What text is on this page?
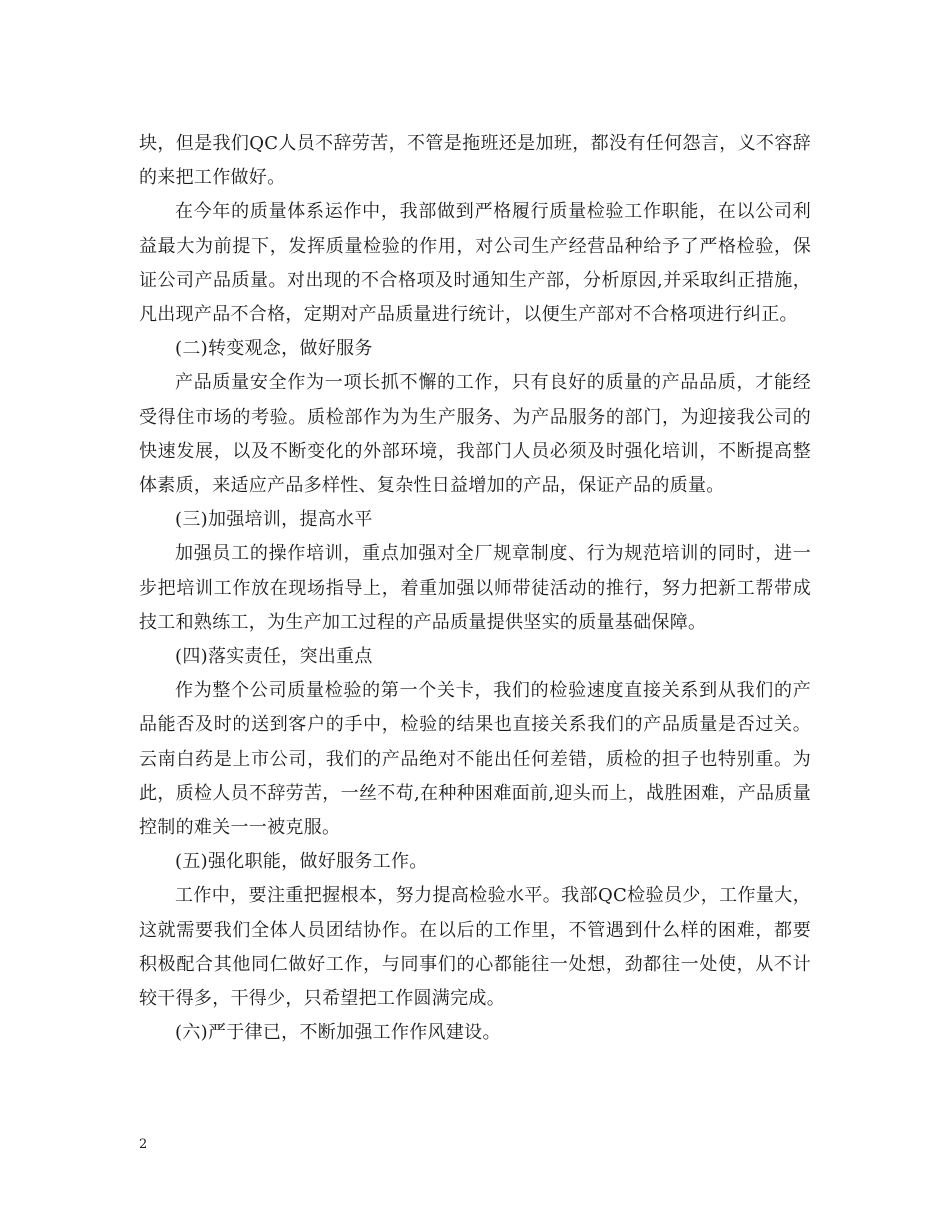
块，但是我们QC人员不辞劳苦，不管是拖班还是加班，都没有任何怨言，义不容辞的来把工作做好。

在今年的质量体系运作中，我部做到严格履行质量检验工作职能，在以公司利益最大为前提下，发挥质量检验的作用，对公司生产经营品种给予了严格检验，保证公司产品质量。对出现的不合格项及时通知生产部，分析原因,并采取纠正措施，凡出现产品不合格，定期对产品质量进行统计，以便生产部对不合格项进行纠正。

(二)转变观念，做好服务

产品质量安全作为一项长抓不懈的工作，只有良好的质量的产品品质，才能经受得住市场的考验。质检部作为为生产服务、为产品服务的部门，为迎接我公司的快速发展，以及不断变化的外部环境，我部门人员必须及时强化培训，不断提高整体素质，来适应产品多样性、复杂性日益增加的产品，保证产品的质量。

(三)加强培训，提高水平

加强员工的操作培训，重点加强对全厂规章制度、行为规范培训的同时，进一步把培训工作放在现场指导上，着重加强以师带徒活动的推行，努力把新工帮带成技工和熟练工，为生产加工过程的产品质量提供坚实的质量基础保障。

(四)落实责任，突出重点

作为整个公司质量检验的第一个关卡，我们的检验速度直接关系到从我们的产品能否及时的送到客户的手中，检验的结果也直接关系我们的产品质量是否过关。云南白药是上市公司，我们的产品绝对不能出任何差错，质检的担子也特别重。为此，质检人员不辞劳苦，一丝不苟,在种种困难面前,迎头而上，战胜困难，产品质量控制的难关一一被克服。

(五)强化职能，做好服务工作。

工作中，要注重把握根本，努力提高检验水平。我部QC检验员少，工作量大，这就需要我们全体人员团结协作。在以后的工作里，不管遇到什么样的困难，都要积极配合其他同仁做好工作，与同事们的心都能往一处想，劲都往一处使，从不计较干得多，干得少，只希望把工作圆满完成。

(六)严于律已，不断加强工作作风建设。

2
